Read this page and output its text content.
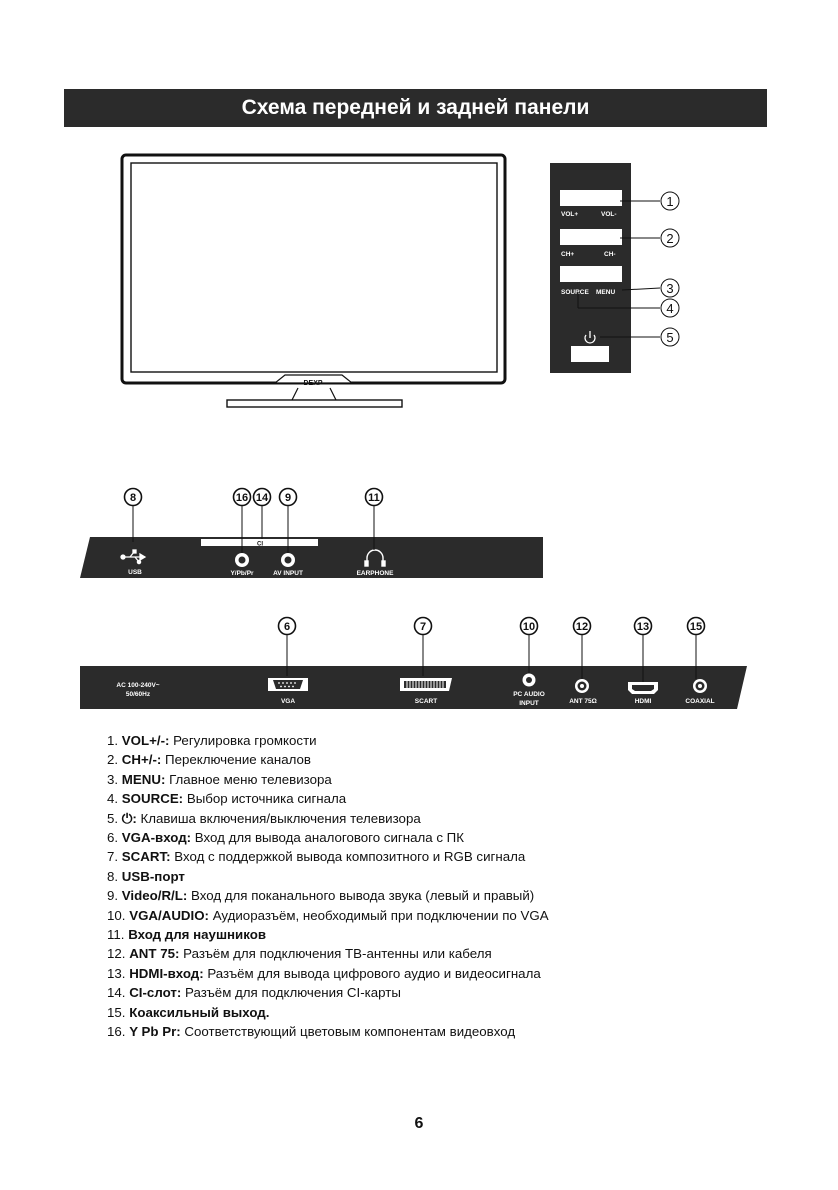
Схема передней и задней панели
DEXP
VOL+	VOL-
CH+	CH-
SOURCE MENU
1
2
3
4
5
USB
CI
Y/Pb/Pr	AV INPUT	EARPHONE
8	16 14 9	11
AC 100-240V~
50/60Hz
VGA	SCART
PC AUDIO
INPUT	ANT 75Ω	HDMI	COAXIAL
6	7	10	12	13	15
1. VOL+/-: Регулировка громкости
2. CH+/-: Переключение каналов
3. MENU: Главное меню телевизора
4. SOURCE: Выбор источника сигнала
5. ⏻: Клавиша включения/выключения телевизора
6. VGA-вход: Вход для вывода аналогового сигнала с ПК
7. SCART: Вход с поддержкой вывода композитного и RGB сигнала
8. USB-порт
9. Video/R/L: Вход для поканального вывода звука (левый и правый)
10. VGA/AUDIO: Аудиоразъём, необходимый при подключении по VGA
11. Вход для наушников
12. ANT 75: Разъём для подключения ТВ-антенны или кабеля
13. HDMI-вход: Разъём для вывода цифрового аудио и видеосигнала
14. CI-слот: Разъём для подключения CI-карты
15. Коаксильный выход.
16. Y Pb Pr: Соответствующий цветовым компонентам видеовход
6
